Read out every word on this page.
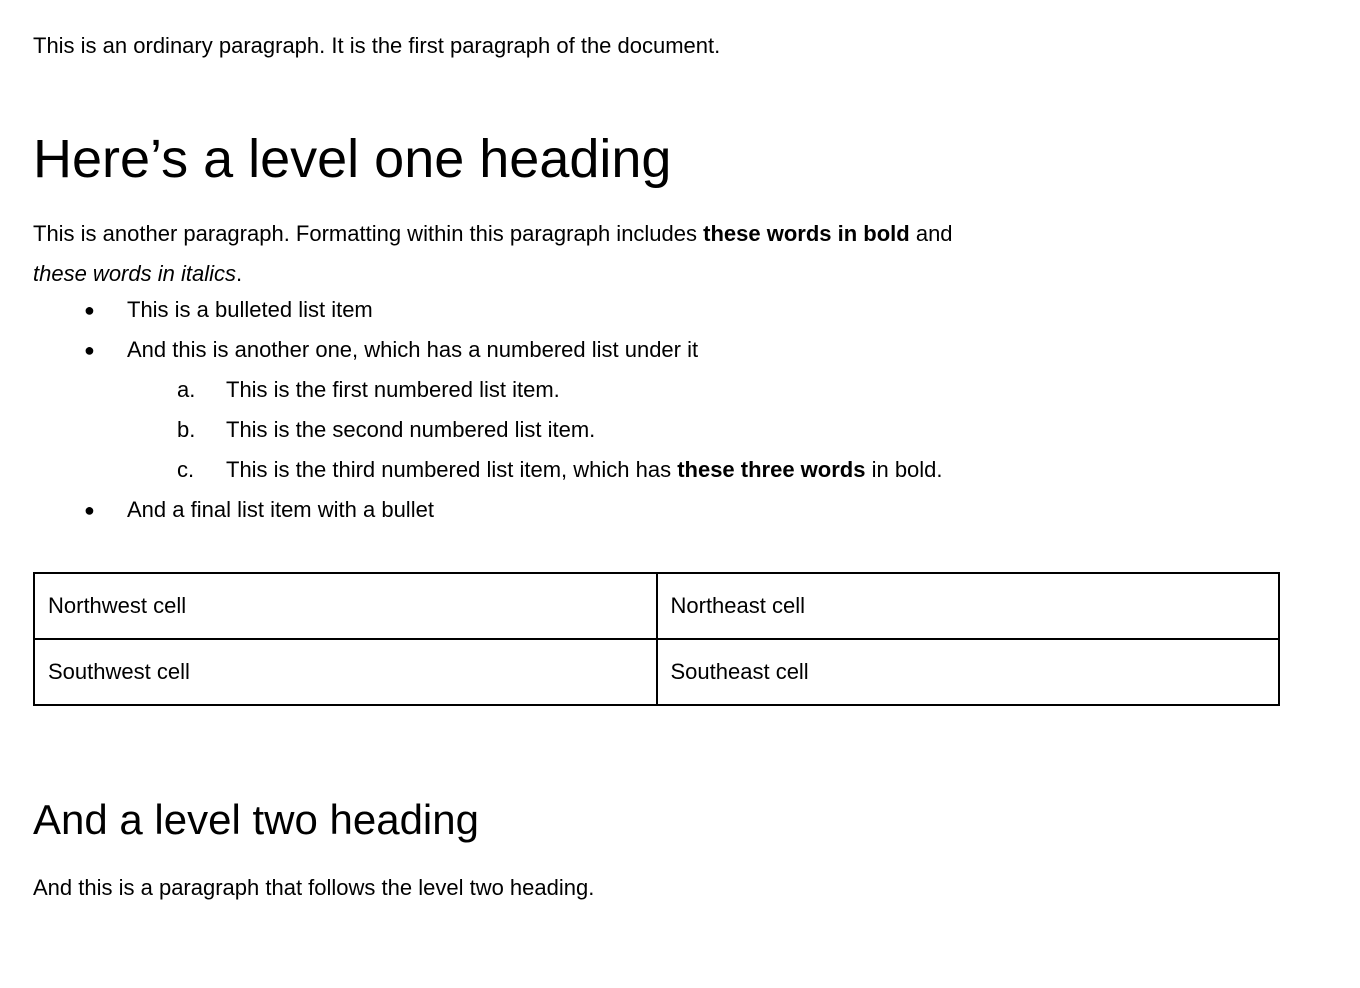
This is an ordinary paragraph. It is the first paragraph of the document.

Here’s a level one heading

This is another paragraph. Formatting within this paragraph includes these words in bold and
these words in italics.

● This is a bulleted list item
● And this is another one, which has a numbered list under it
a. This is the first numbered list item.
b. This is the second numbered list item.
c. This is the third numbered list item, which has these three words in bold.
● And a final list item with a bullet
Northwest cell	Northeast cell
Southwest cell	Southeast cell
And a level two heading

And this is a paragraph that follows the level two heading.
